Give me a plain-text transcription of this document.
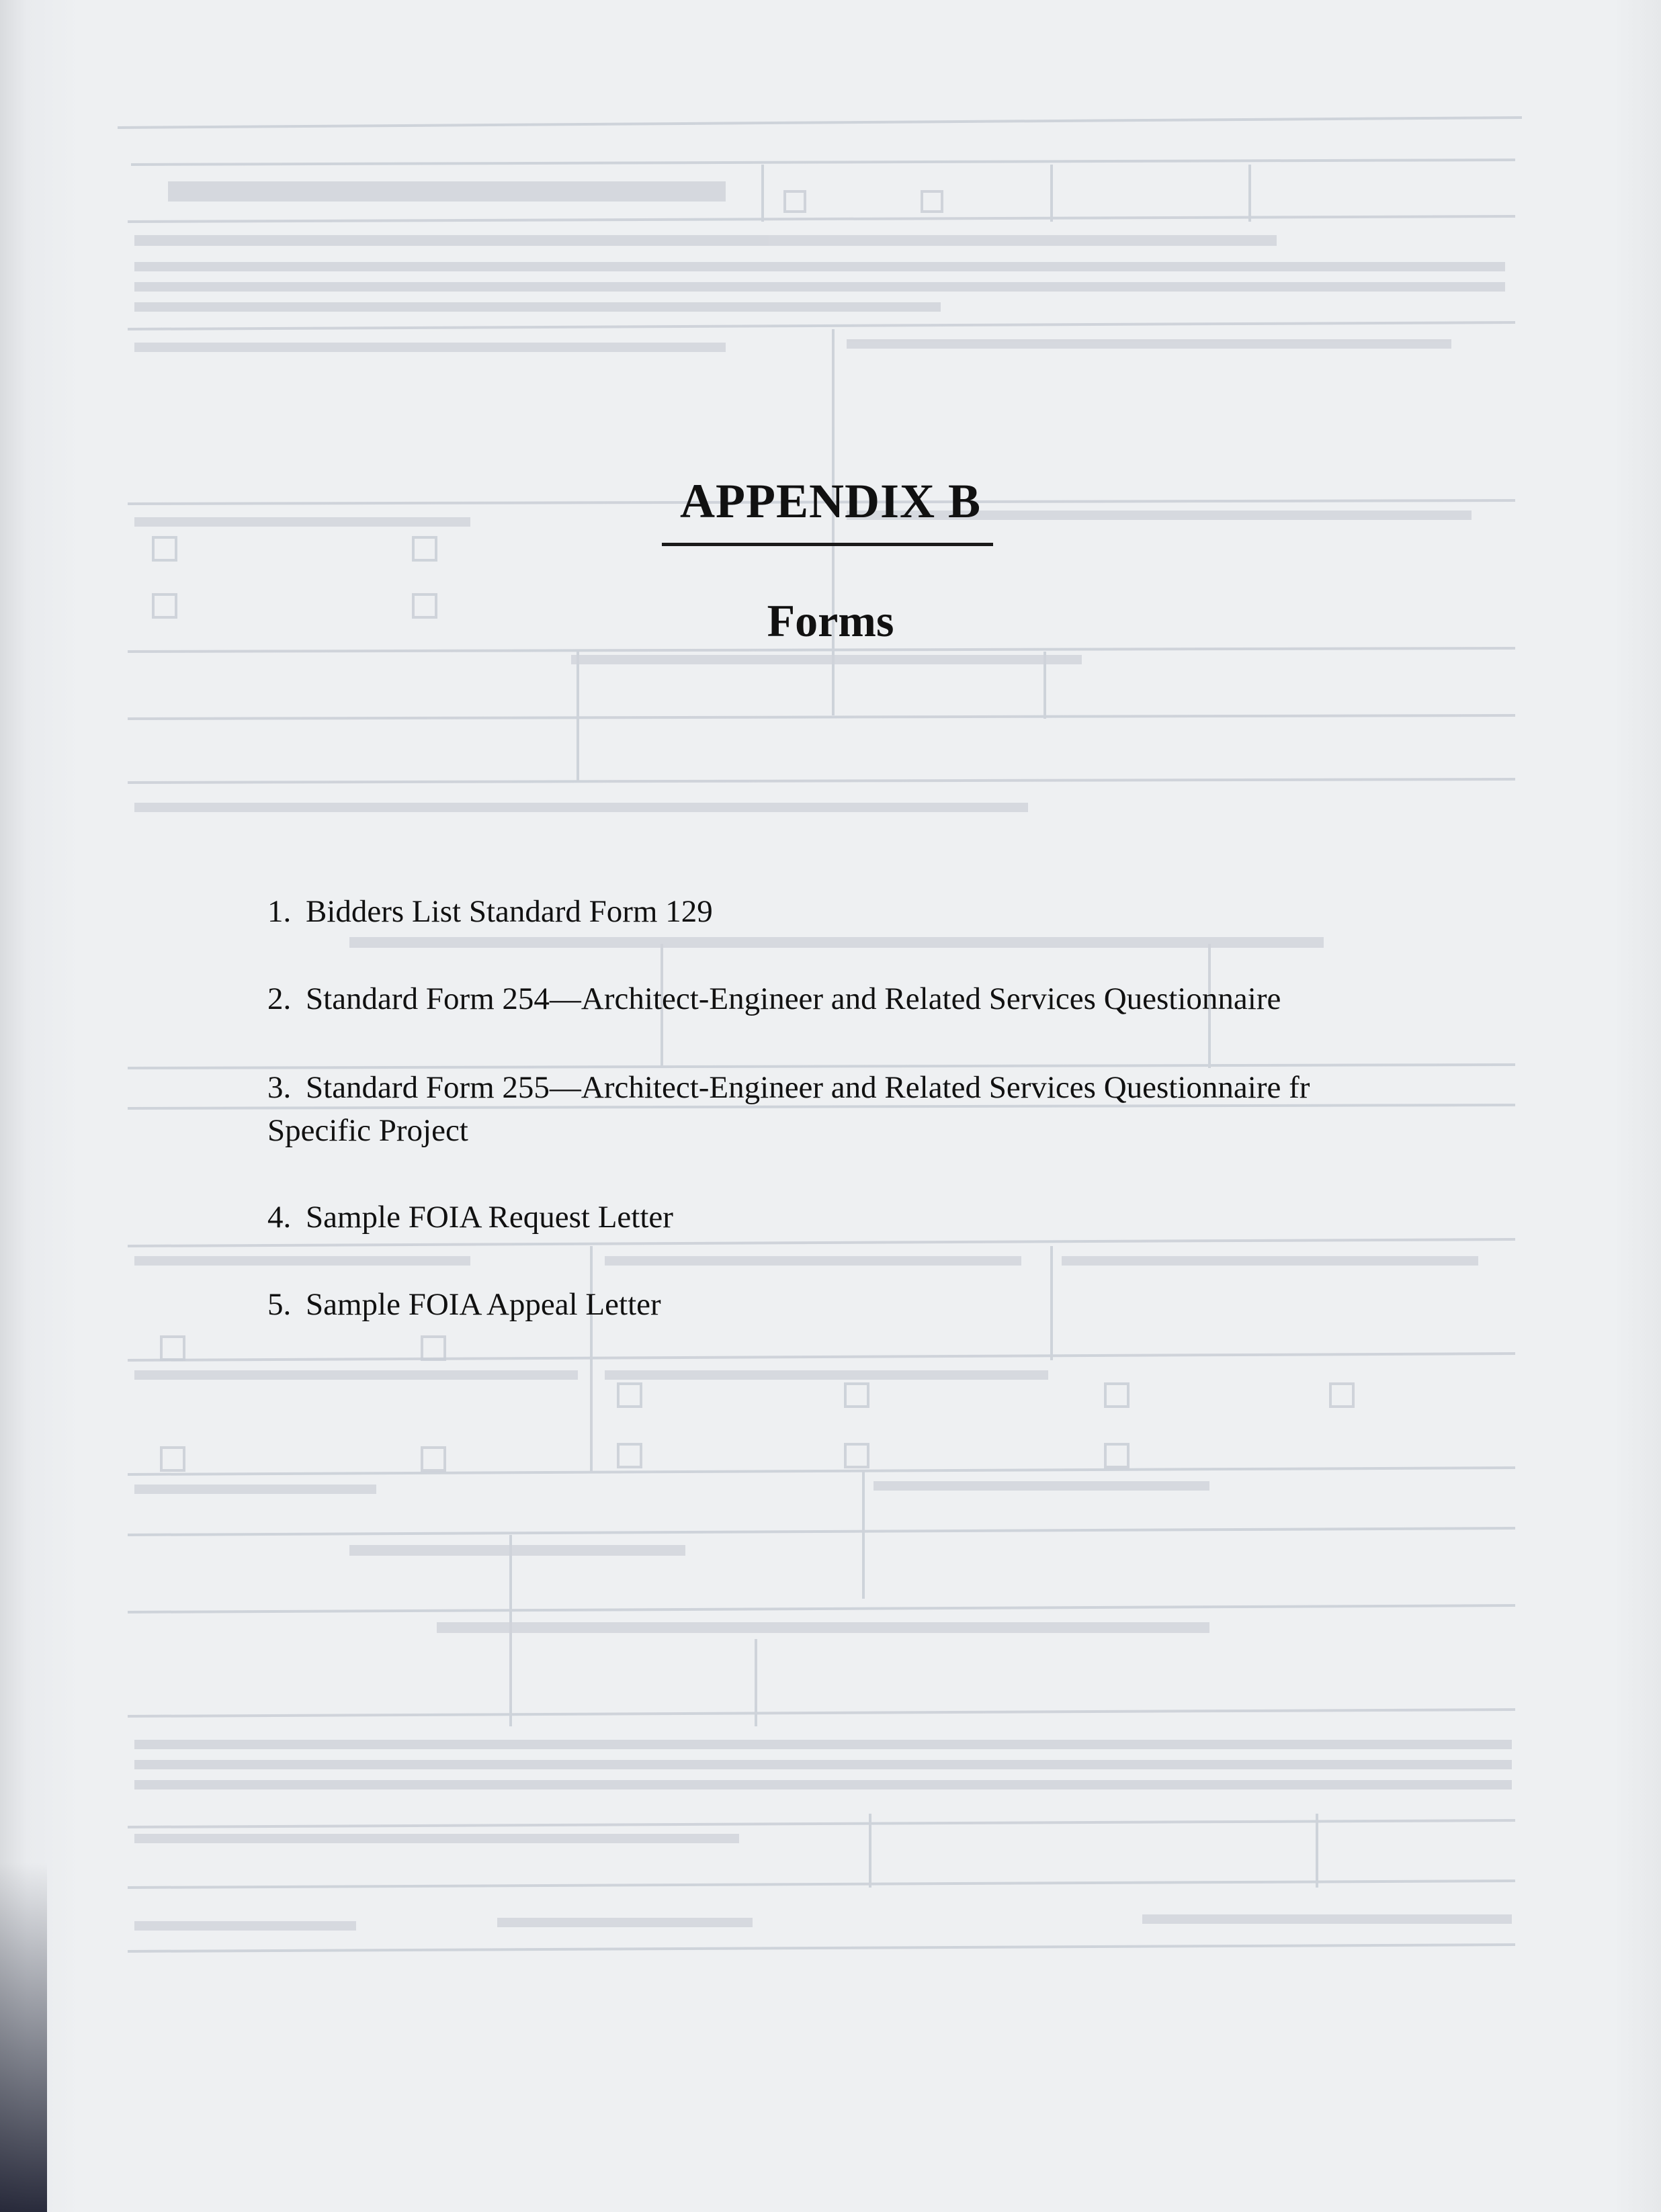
APPENDIX B
Forms
1. Bidders List Standard Form 129
2. Standard Form 254—Architect-Engineer and Related Services Questionnaire
3. Standard Form 255—Architect-Engineer and Related Services Questionnaire fr
Specific Project
4. Sample FOIA Request Letter
5. Sample FOIA Appeal Letter
